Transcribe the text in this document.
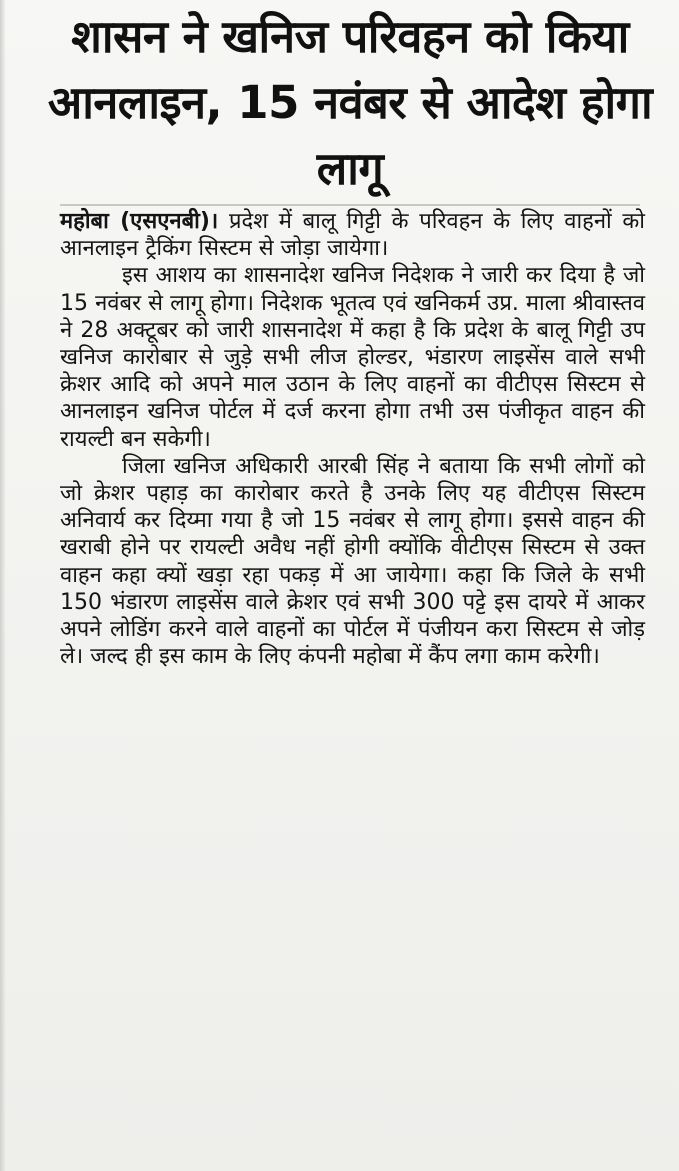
शासन ने खनिज परिवहन को किया आनलाइन, 15 नवंबर से आदेश होगा लागू

महोबा (एसएनबी)। प्रदेश में बालू गिट्टी के परिवहन के लिए वाहनों को आनलाइन ट्रैकिंग सिस्टम से जोड़ा जायेगा।

इस आशय का शासनादेश खनिज निदेशक ने जारी कर दिया है जो 15 नवंबर से लागू होगा। निदेशक भूतत्व एवं खनिकर्म उप्र. माला श्रीवास्तव ने 28 अक्टूबर को जारी शासनादेश में कहा है कि प्रदेश के बालू गिट्टी उप खनिज कारोबार से जुड़े सभी लीज होल्डर, भंडारण लाइसेंस वाले सभी क्रेशर आदि को अपने माल उठान के लिए वाहनों का वीटीएस सिस्टम से आनलाइन खनिज पोर्टल में दर्ज करना होगा तभी उस पंजीकृत वाहन की रायल्टी बन सकेगी।

जिला खनिज अधिकारी आरबी सिंह ने बताया कि सभी लोगों को जो क्रेशर पहाड़ का कारोबार करते है उनके लिए यह वीटीएस सिस्टम अनिवार्य कर दिय्मा गया है जो 15 नवंबर से लागू होगा। इससे वाहन की खराबी होने पर रायल्टी अवैध नहीं होगी क्योंकि वीटीएस सिस्टम से उक्त वाहन कहा क्यों खड़ा रहा पकड़ में आ जायेगा। कहा कि जिले के सभी 150 भंडारण लाइसेंस वाले क्रेशर एवं सभी 300 पट्टे इस दायरे में आकर अपने लोडिंग करने वाले वाहनों का पोर्टल में पंजीयन करा सिस्टम से जोड़ ले। जल्द ही इस काम के लिए कंपनी महोबा में कैंप लगा काम करेगी।
